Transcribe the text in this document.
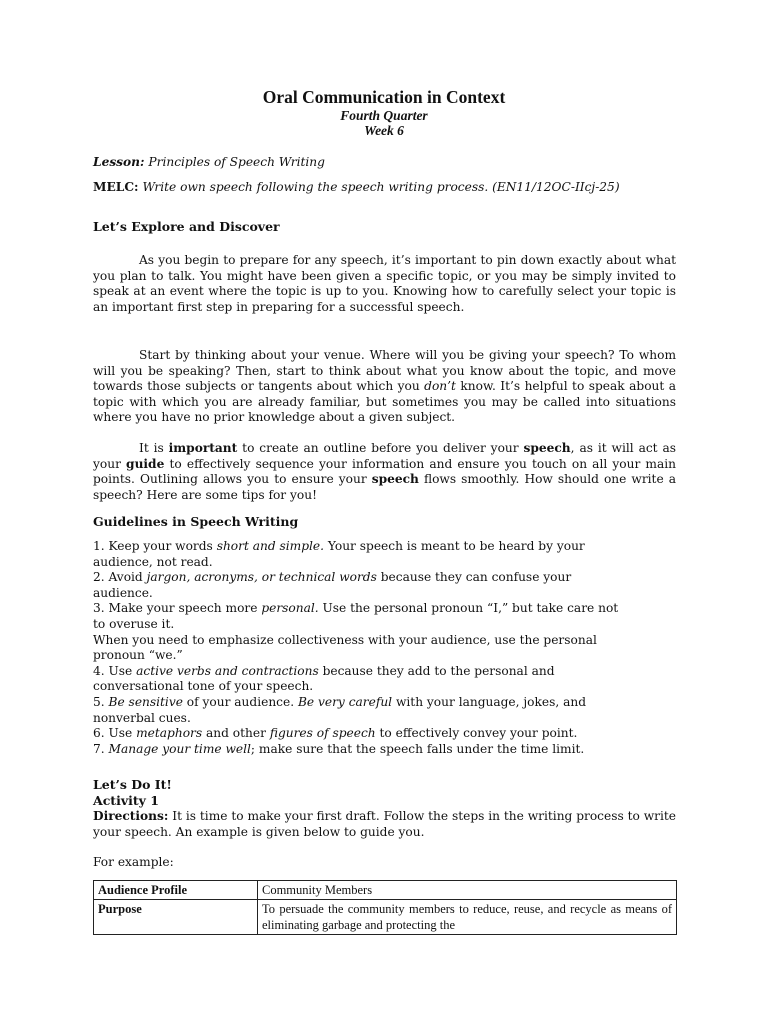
Oral Communication in Context
Fourth Quarter
Week 6
Lesson: Principles of Speech Writing
MELC: Write own speech following the speech writing process. (EN11/12OC-IIcj-25)
Let’s Explore and Discover

As you begin to prepare for any speech, it’s important to pin down exactly about what you plan to talk. You might have been given a specific topic, or you may be simply invited to speak at an event where the topic is up to you. Knowing how to carefully select your topic is an important first step in preparing for a successful speech.

Start by thinking about your venue. Where will you be giving your speech? To whom will you be speaking? Then, start to think about what you know about the topic, and move towards those subjects or tangents about which you don’t know. It’s helpful to speak about a topic with which you are already familiar, but sometimes you may be called into situations where you have no prior knowledge about a given subject.

It is important to create an outline before you deliver your speech, as it will act as your guide to effectively sequence your information and ensure you touch on all your main points. Outlining allows you to ensure your speech flows smoothly. How should one write a speech? Here are some tips for you!

Guidelines in Speech Writing
1. Keep your words short and simple. Your speech is meant to be heard by your
audience, not read.
2. Avoid jargon, acronyms, or technical words because they can confuse your
audience.
3. Make your speech more personal. Use the personal pronoun “I,” but take care not
to overuse it.
When you need to emphasize collectiveness with your audience, use the personal
pronoun “we.”
4. Use active verbs and contractions because they add to the personal and
conversational tone of your speech.
5. Be sensitive of your audience. Be very careful with your language, jokes, and
nonverbal cues.
6. Use metaphors and other figures of speech to effectively convey your point.
7. Manage your time well; make sure that the speech falls under the time limit.
Let’s Do It!
Activity 1

Directions: It is time to make your first draft. Follow the steps in the writing process to write your speech. An example is given below to guide you.

For example:
Audience Profile	Community Members
Purpose	To persuade the community members to reduce, reuse, and recycle as means of eliminating garbage and protecting the
